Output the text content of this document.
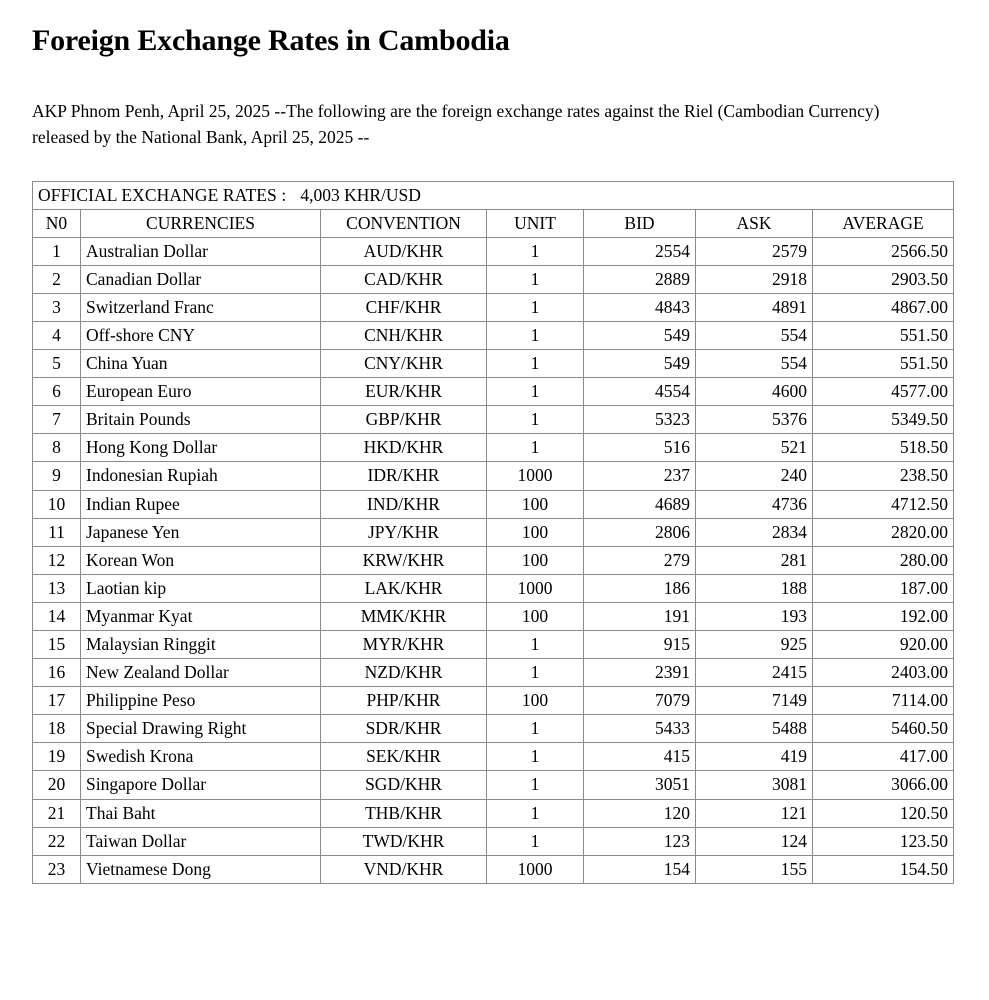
Foreign Exchange Rates in Cambodia

AKP Phnom Penh, April 25, 2025 --The following are the foreign exchange rates against the Riel (Cambodian Currency) released by the National Bank, April 25, 2025 --

OFFICIAL EXCHANGE RATES : 4,003 KHR/USD						
N0	CURRENCIES	CONVENTION	UNIT	BID	ASK	AVERAGE
1	Australian Dollar	AUD/KHR	1	2554	2579	2566.50
2	Canadian Dollar	CAD/KHR	1	2889	2918	2903.50
3	Switzerland Franc	CHF/KHR	1	4843	4891	4867.00
4	Off-shore CNY	CNH/KHR	1	549	554	551.50
5	China Yuan	CNY/KHR	1	549	554	551.50
6	European Euro	EUR/KHR	1	4554	4600	4577.00
7	Britain Pounds	GBP/KHR	1	5323	5376	5349.50
8	Hong Kong Dollar	HKD/KHR	1	516	521	518.50
9	Indonesian Rupiah	IDR/KHR	1000	237	240	238.50
10	Indian Rupee	IND/KHR	100	4689	4736	4712.50
11	Japanese Yen	JPY/KHR	100	2806	2834	2820.00
12	Korean Won	KRW/KHR	100	279	281	280.00
13	Laotian kip	LAK/KHR	1000	186	188	187.00
14	Myanmar Kyat	MMK/KHR	100	191	193	192.00
15	Malaysian Ringgit	MYR/KHR	1	915	925	920.00
16	New Zealand Dollar	NZD/KHR	1	2391	2415	2403.00
17	Philippine Peso	PHP/KHR	100	7079	7149	7114.00
18	Special Drawing Right	SDR/KHR	1	5433	5488	5460.50
19	Swedish Krona	SEK/KHR	1	415	419	417.00
20	Singapore Dollar	SGD/KHR	1	3051	3081	3066.00
21	Thai Baht	THB/KHR	1	120	121	120.50
22	Taiwan Dollar	TWD/KHR	1	123	124	123.50
23	Vietnamese Dong	VND/KHR	1000	154	155	154.50
